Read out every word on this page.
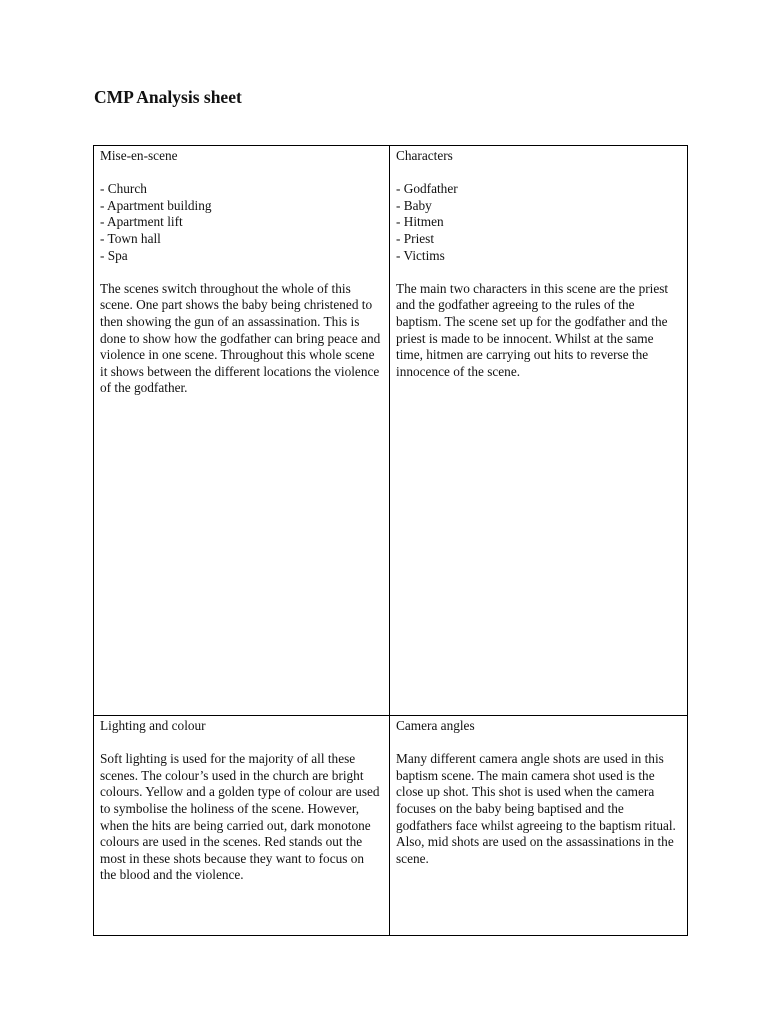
CMP Analysis sheet

Mise-en-scene

- Church
- Apartment building
- Apartment lift
- Town hall
- Spa

The scenes switch throughout the whole of this scene. One part shows the baby being christened to then showing the gun of an assassination. This is done to show how the godfather can bring peace and violence in one scene. Throughout this whole scene it shows between the different locations the violence of the godfather.

Characters

- Godfather
- Baby
- Hitmen
- Priest
- Victims

The main two characters in this scene are the priest and the godfather agreeing to the rules of the baptism. The scene set up for the godfather and the priest is made to be innocent. Whilst at the same time, hitmen are carrying out hits to reverse the innocence of the scene.

Lighting and colour

Soft lighting is used for the majority of all these scenes. The colour’s used in the church are bright colours. Yellow and a golden type of colour are used to symbolise the holiness of the scene. However, when the hits are being carried out, dark monotone colours are used in the scenes. Red stands out the most in these shots because they want to focus on the blood and the violence.

Camera angles

Many different camera angle shots are used in this baptism scene. The main camera shot used is the close up shot. This shot is used when the camera focuses on the baby being baptised and the godfathers face whilst agreeing to the baptism ritual. Also, mid shots are used on the assassinations in the scene.
